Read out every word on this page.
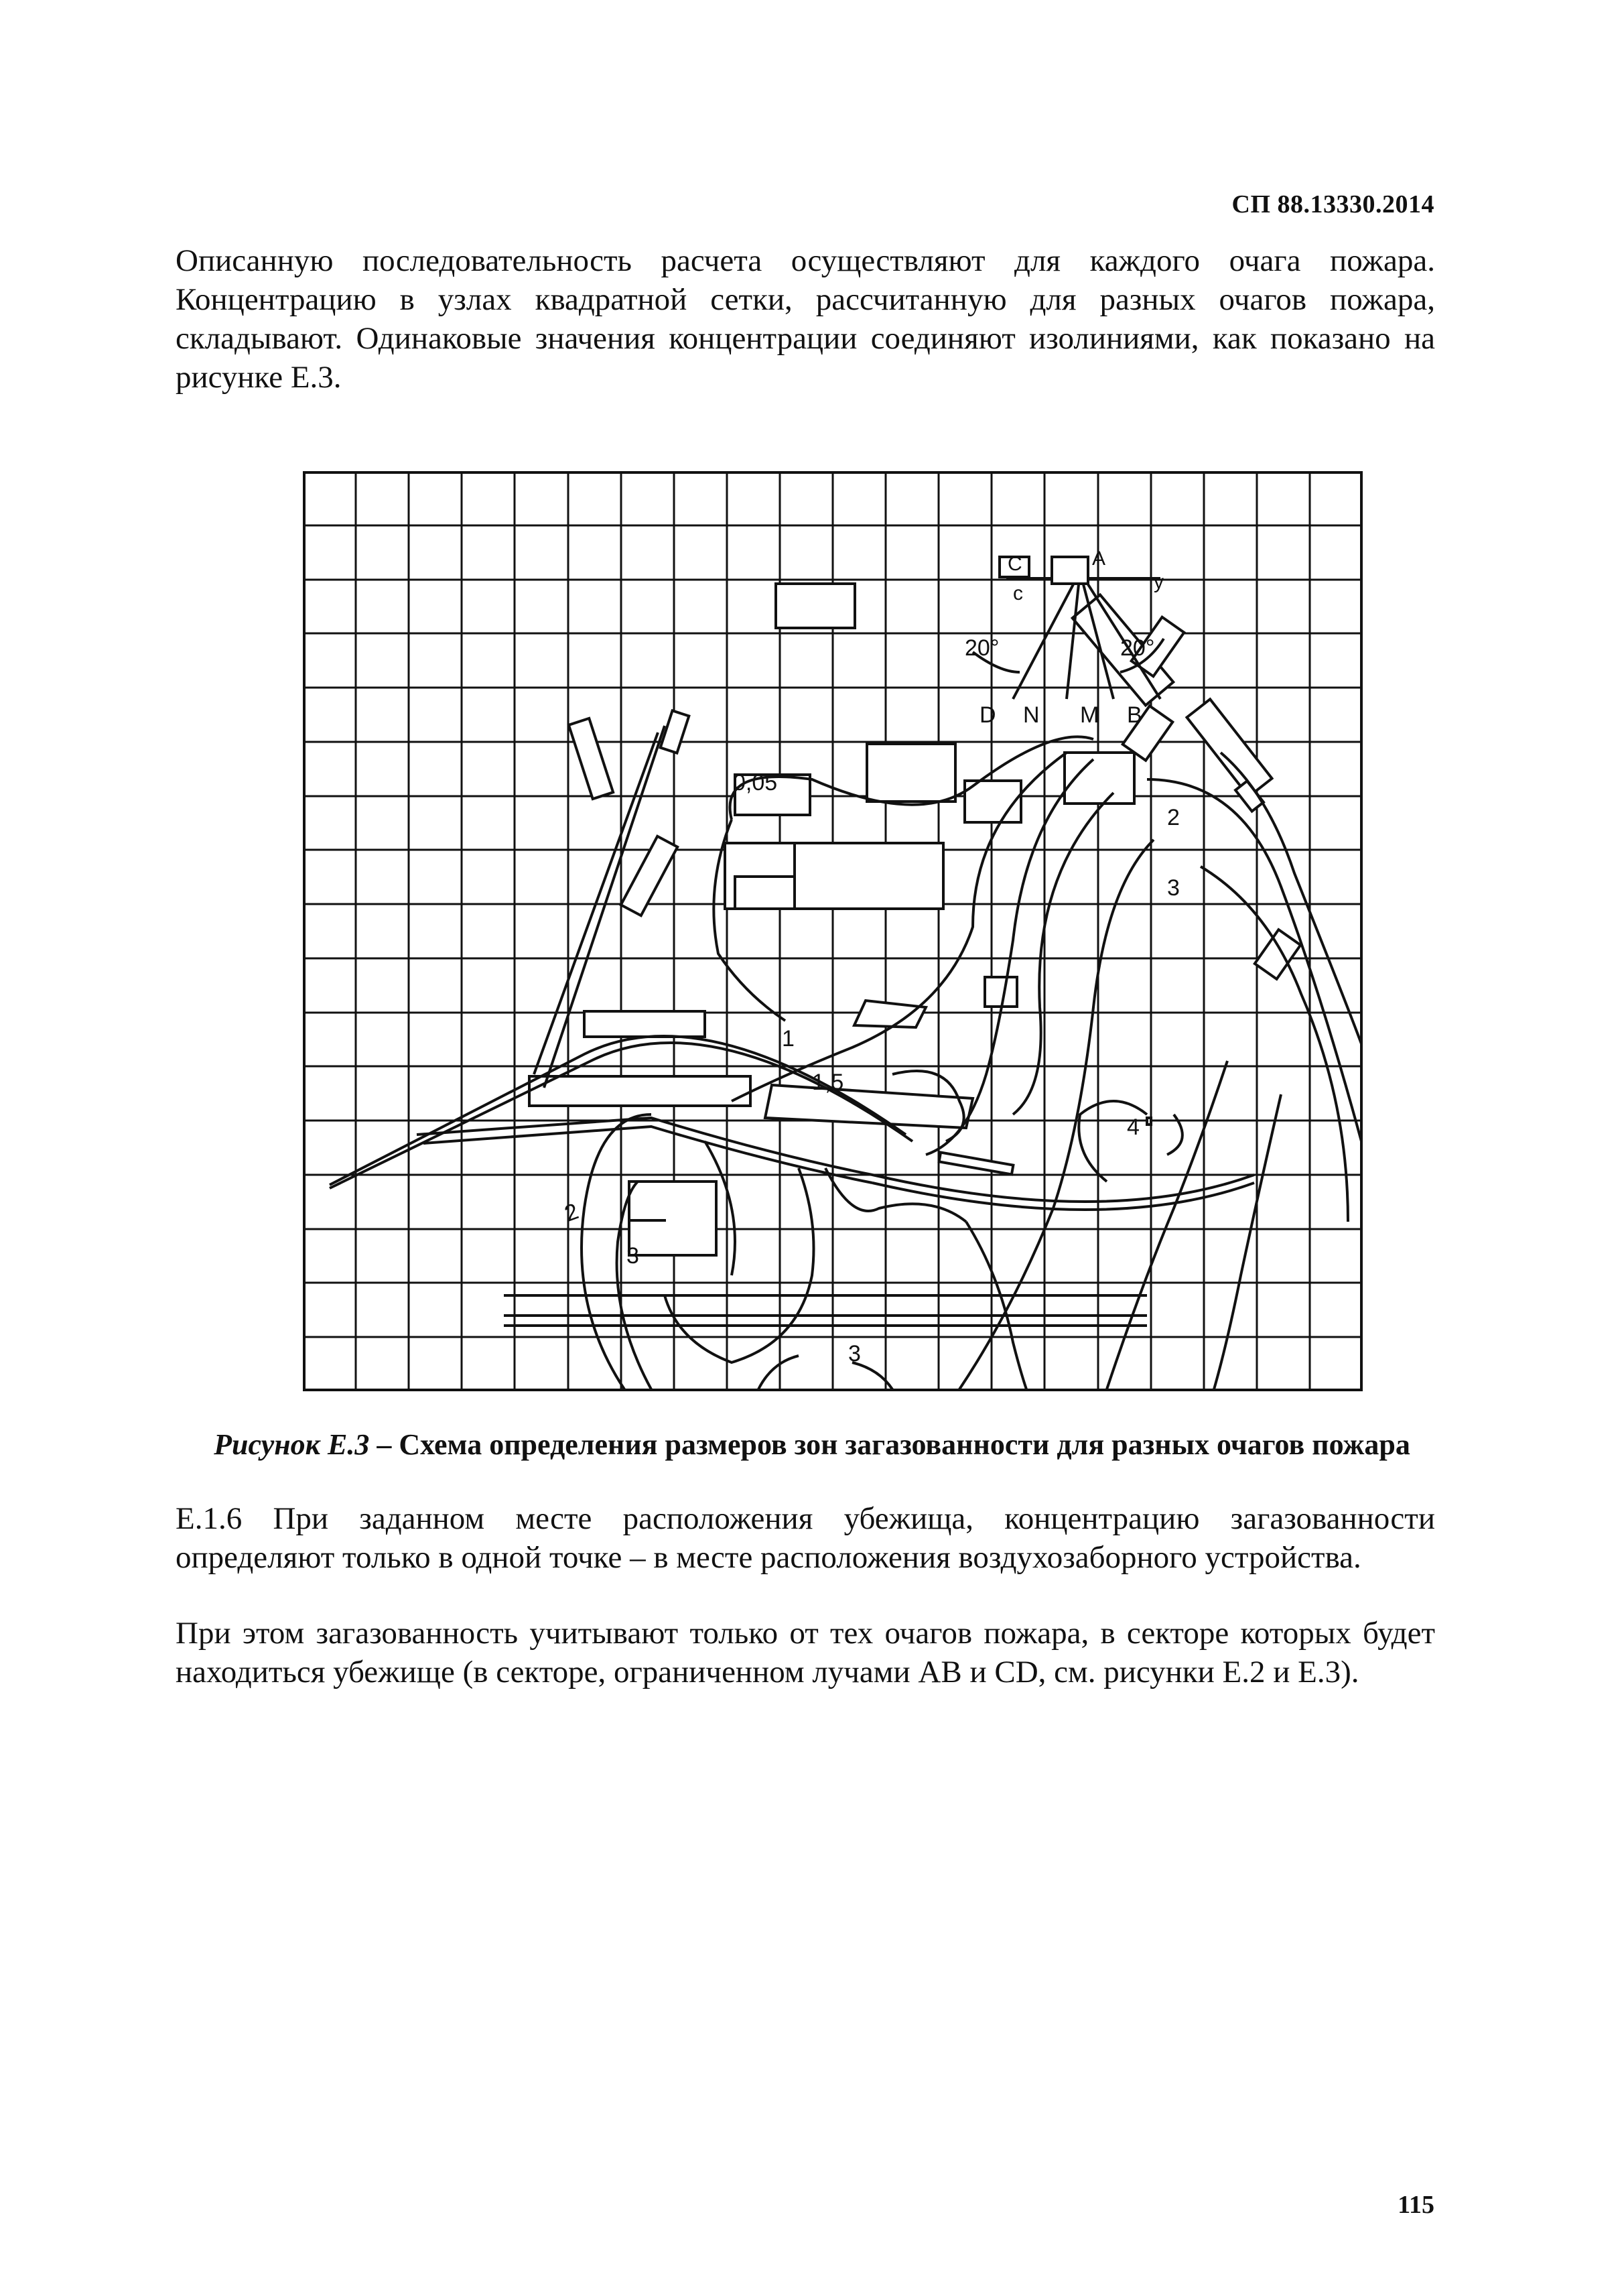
СП 88.13330.2014

Описанную последовательность расчета осуществляют для каждого очага пожара. Концентрацию в узлах квадратной сетки, рассчитанную для разных очагов пожара, складывают. Одинаковые значения концентрации соединяют изолиниями, как показано на рисунке Е.3.

20°	20°
D N M B
A
C
c
y
0,05
1
1,5
2
3
4
2
3
3
Рисунок Е.3 – Схема определения размеров зон загазованности для разных очагов пожара

Е.1.6 При заданном месте расположения убежища, концентрацию загазованности определяют только в одной точке – в месте расположения воздухозаборного устройства.

При этом загазованность учитывают только от тех очагов пожара, в секторе которых будет находиться убежище (в секторе, ограниченном лучами АВ и CD, см. рисунки Е.2 и Е.3).

115
